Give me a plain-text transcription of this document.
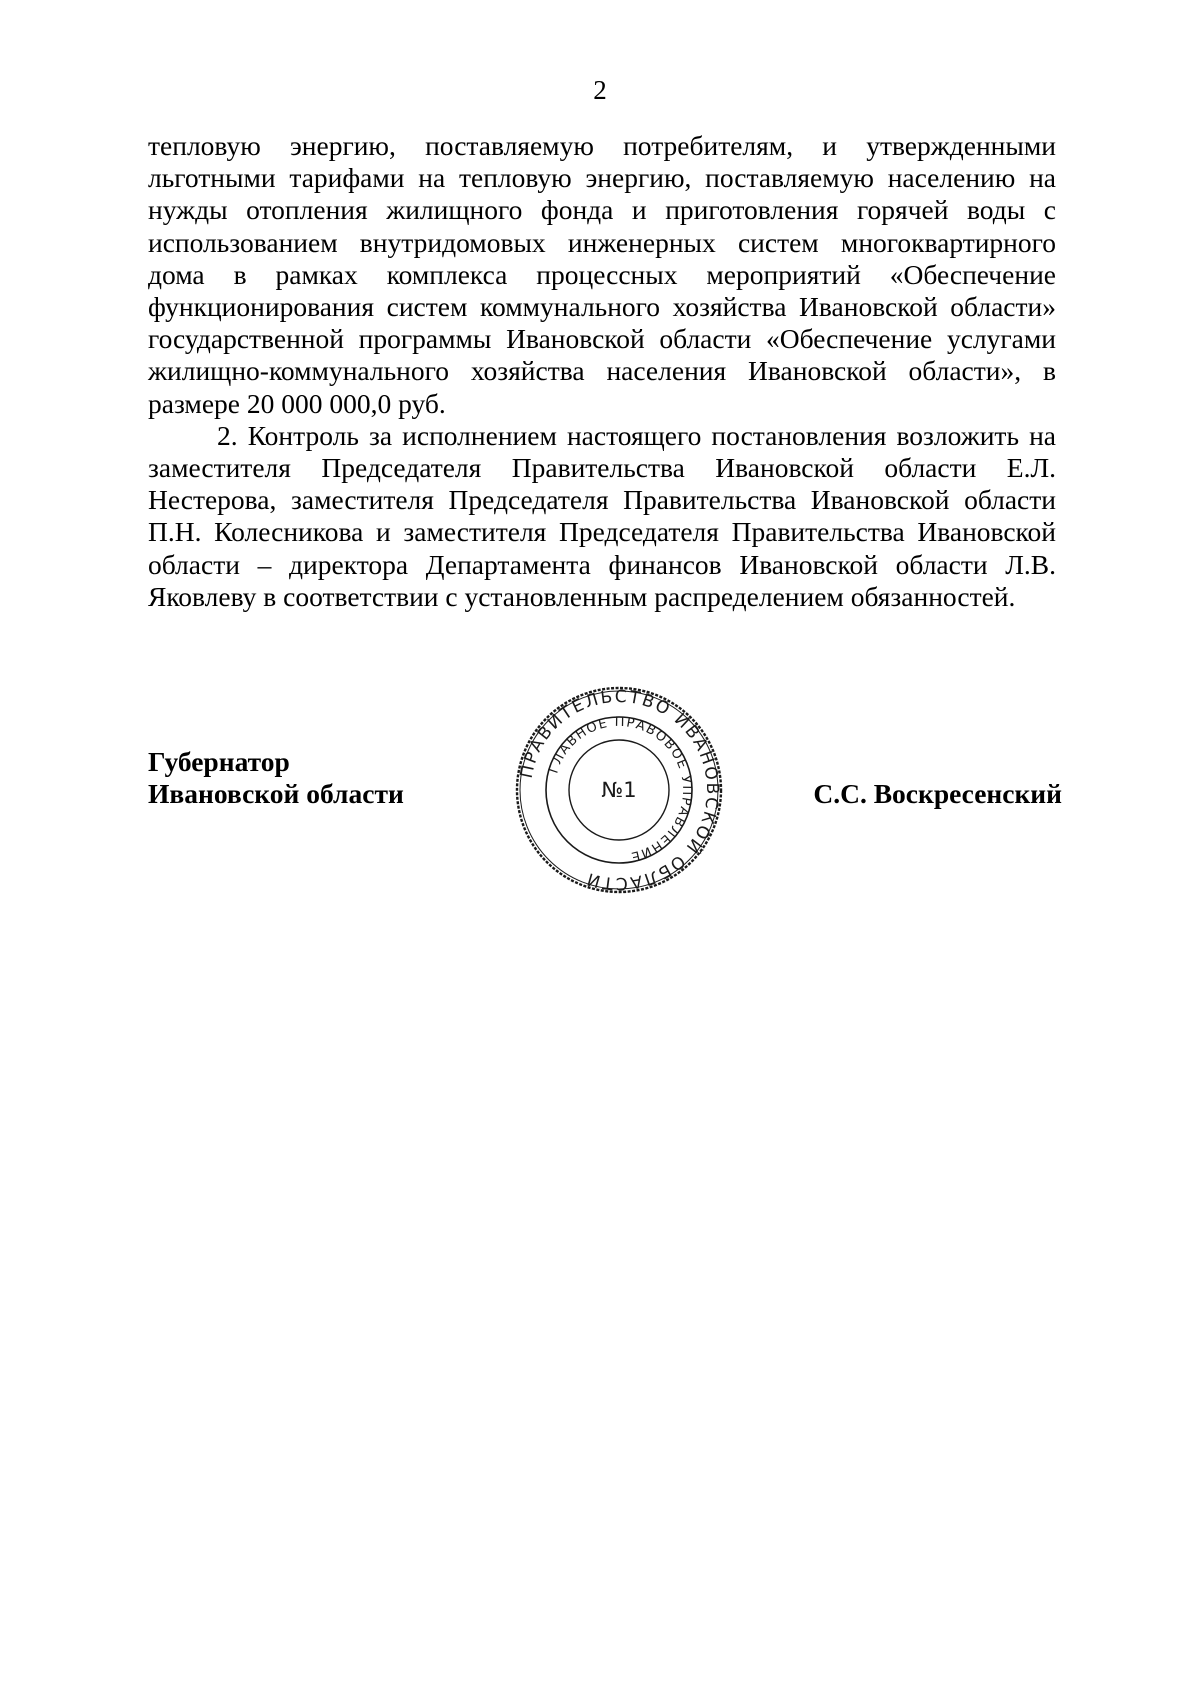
2

тепловую энергию, поставляемую потребителям, и утвержденными льготными тарифами на тепловую энергию, поставляемую населению на нужды отопления жилищного фонда и приготовления горячей воды с использованием внутридомовых инженерных систем многоквартирного дома в рамках комплекса процессных мероприятий «Обеспечение функционирования систем коммунального хозяйства Ивановской области» государственной программы Ивановской области «Обеспечение услугами жилищно-коммунального хозяйства населения Ивановской области», в размере 20 000 000,0 руб.

2. Контроль за исполнением настоящего постановления возложить на заместителя Председателя Правительства Ивановской области Е.Л. Нестерова, заместителя Председателя Правительства Ивановской области П.Н. Колесникова и заместителя Председателя Правительства Ивановской области – директора Департамента финансов Ивановской области Л.В. Яковлеву в соответствии с установленным распределением обязанностей.

Губернатор
Ивановской области	С.С. Воскресенский
ПРАВИТЕЛЬСТВО ИВАНОВСКОЙ ОБЛАСТИ
ГЛАВНОЕ ПРАВОВОЕ УПРАВЛЕНИЕ
№1
